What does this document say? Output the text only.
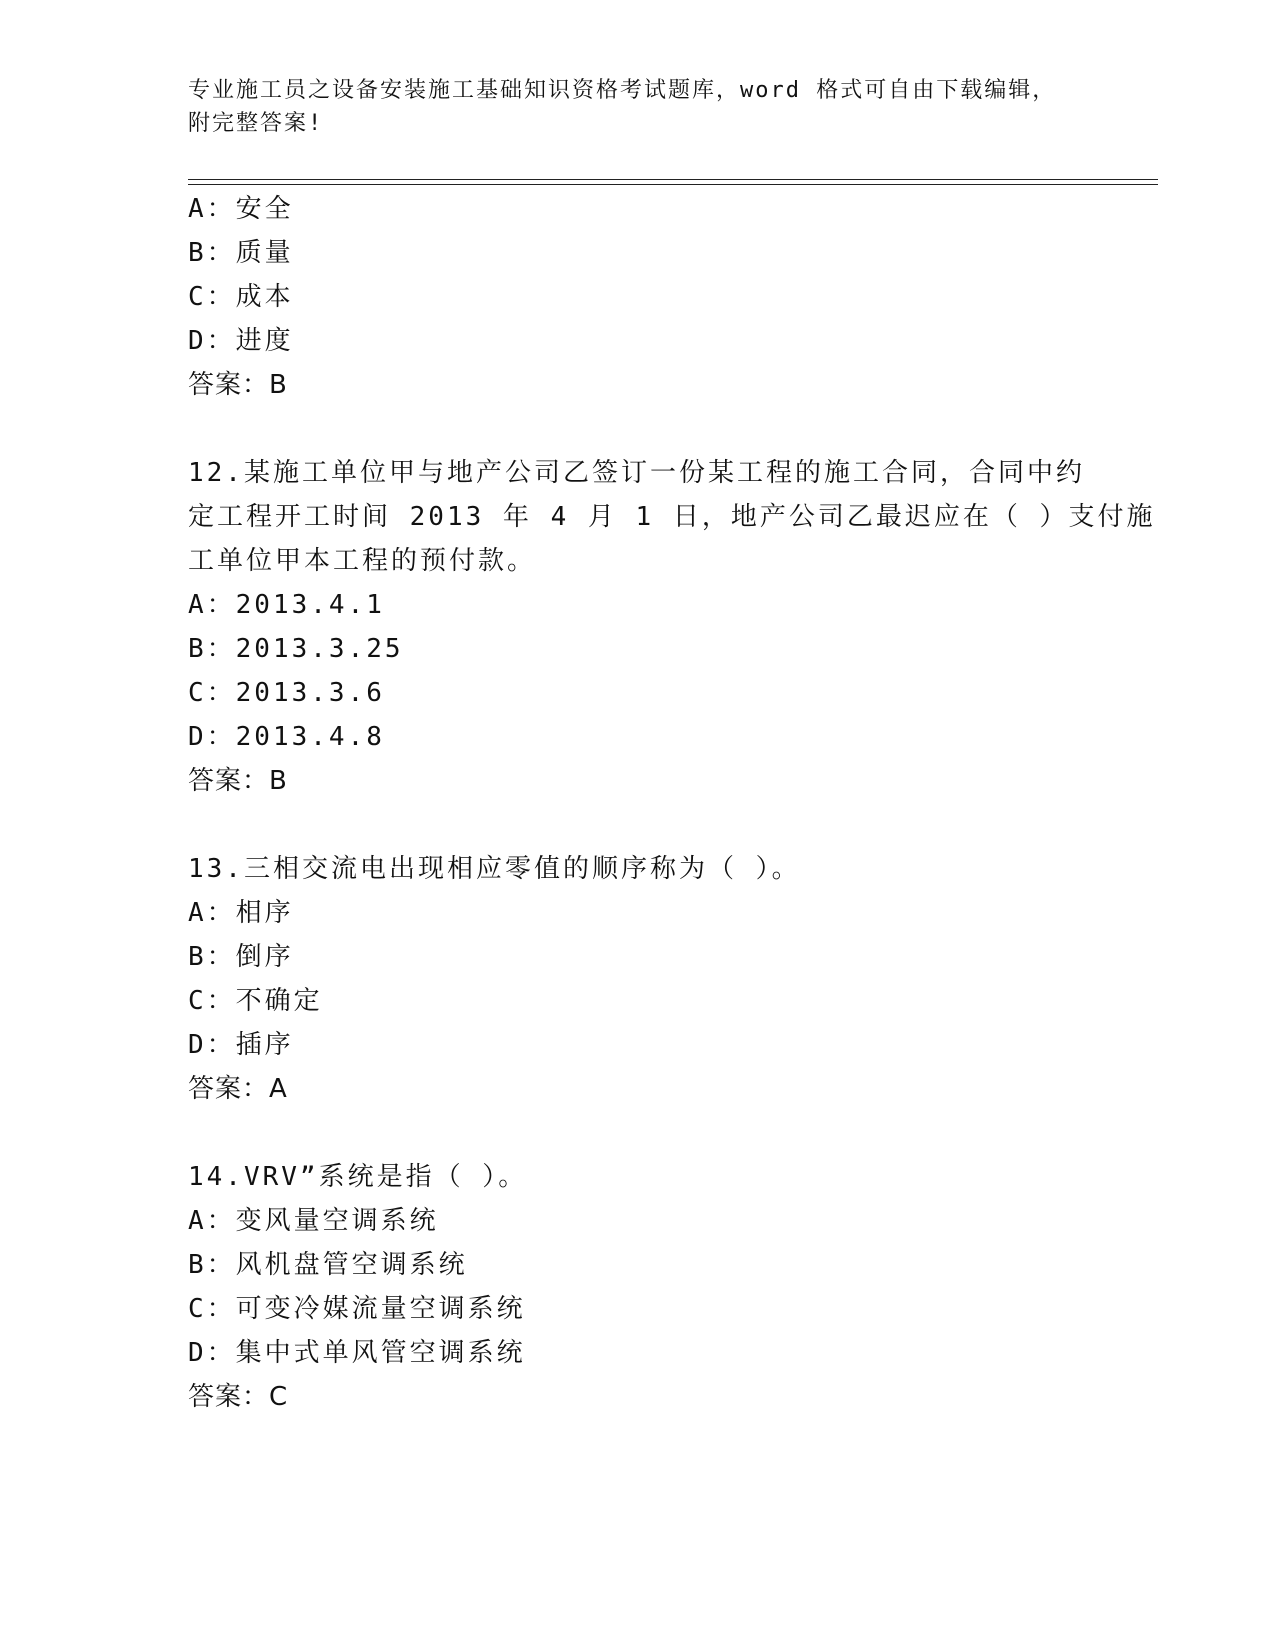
专业施工员之设备安装施工基础知识资格考试题库，word 格式可自由下载编辑，
附完整答案!
A：安全
B：质量
C：成本
D：进度
答案：B
12.某施工单位甲与地产公司乙签订一份某工程的施工合同，合同中约
定工程开工时间 2013 年 4 月 1 日，地产公司乙最迟应在（ ）支付施
工单位甲本工程的预付款。
A：2013.4.1
B：2013.3.25
C：2013.3.6
D：2013.4.8
答案：B
13.三相交流电出现相应零值的顺序称为（ ）。
A：相序
B：倒序
C：不确定
D：插序
答案：A
14.VRV”系统是指（ ）。
A：变风量空调系统
B：风机盘管空调系统
C：可变冷媒流量空调系统
D：集中式单风管空调系统
答案：C
